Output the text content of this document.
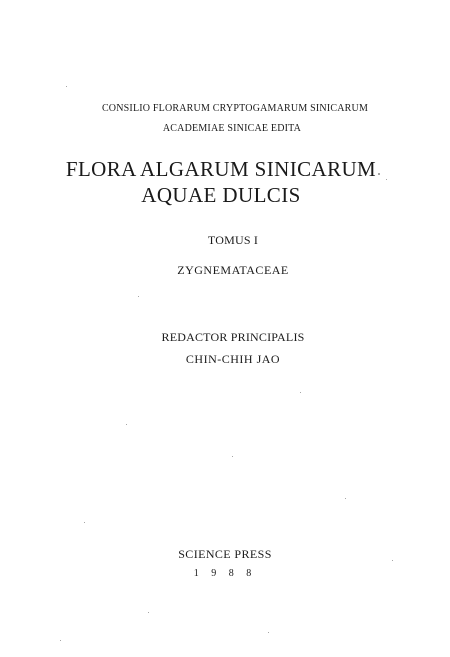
CONSILIO FLORARUM CRYPTOGAMARUM SINICARUM
ACADEMIAE SINICAE EDITA
FLORA ALGARUM SINICARUM
AQUAE DULCIS
TOMUS I
ZYGNEMATACEAE
REDACTOR PRINCIPALIS
CHIN-CHIH JAO
SCIENCE PRESS
1 9 8 8
